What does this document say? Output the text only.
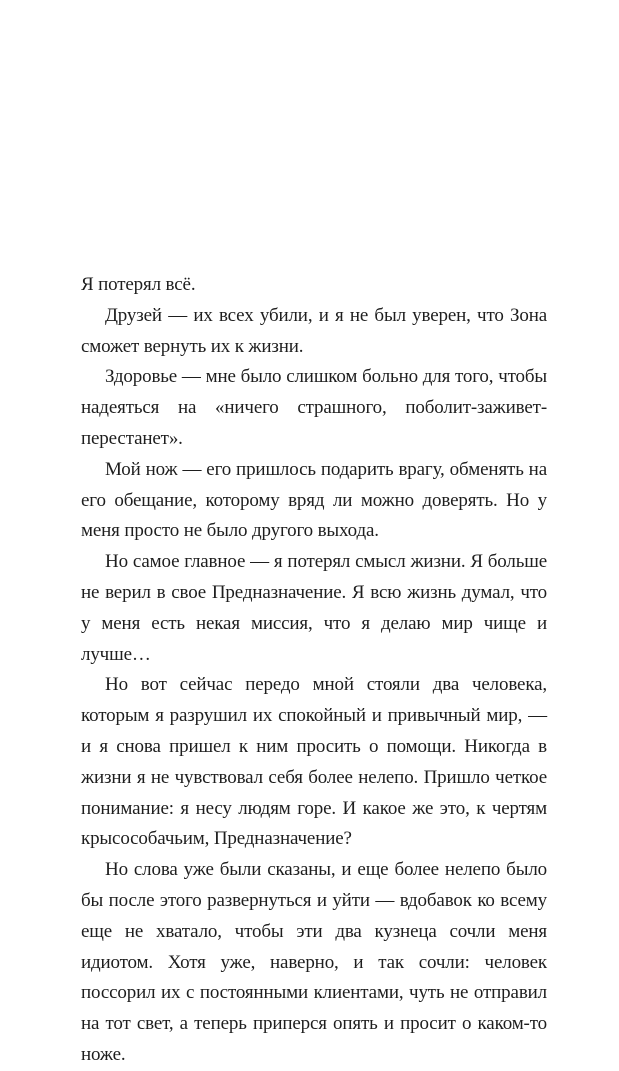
Я потерял всё.

Друзей — их всех убили, и я не был уверен, что Зона сможет вернуть их к жизни.

Здоровье — мне было слишком больно для того, чтобы надеяться на «ничего страшного, поболит-заживет-перестанет».

Мой нож — его пришлось подарить врагу, обменять на его обещание, которому вряд ли можно доверять. Но у меня просто не было другого выхода.

Но самое главное — я потерял смысл жизни. Я больше не верил в свое Предназначение. Я всю жизнь думал, что у меня есть некая миссия, что я делаю мир чище и лучше…

Но вот сейчас передо мной стояли два человека, которым я разрушил их спокойный и привычный мир, — и я снова пришел к ним просить о помощи. Никогда в жизни я не чувствовал себя более нелепо. Пришло четкое понимание: я несу людям горе. И какое же это, к чертям крысособачьим, Предназначение?

Но слова уже были сказаны, и еще более нелепо было бы после этого развернуться и уйти — вдобавок ко всему еще не хватало, чтобы эти два кузнеца сочли меня идиотом. Хотя уже, наверно, и так сочли: человек поссорил их с постоянными клиентами, чуть не отправил на тот свет, а теперь приперся опять и просит о каком-то ноже.
